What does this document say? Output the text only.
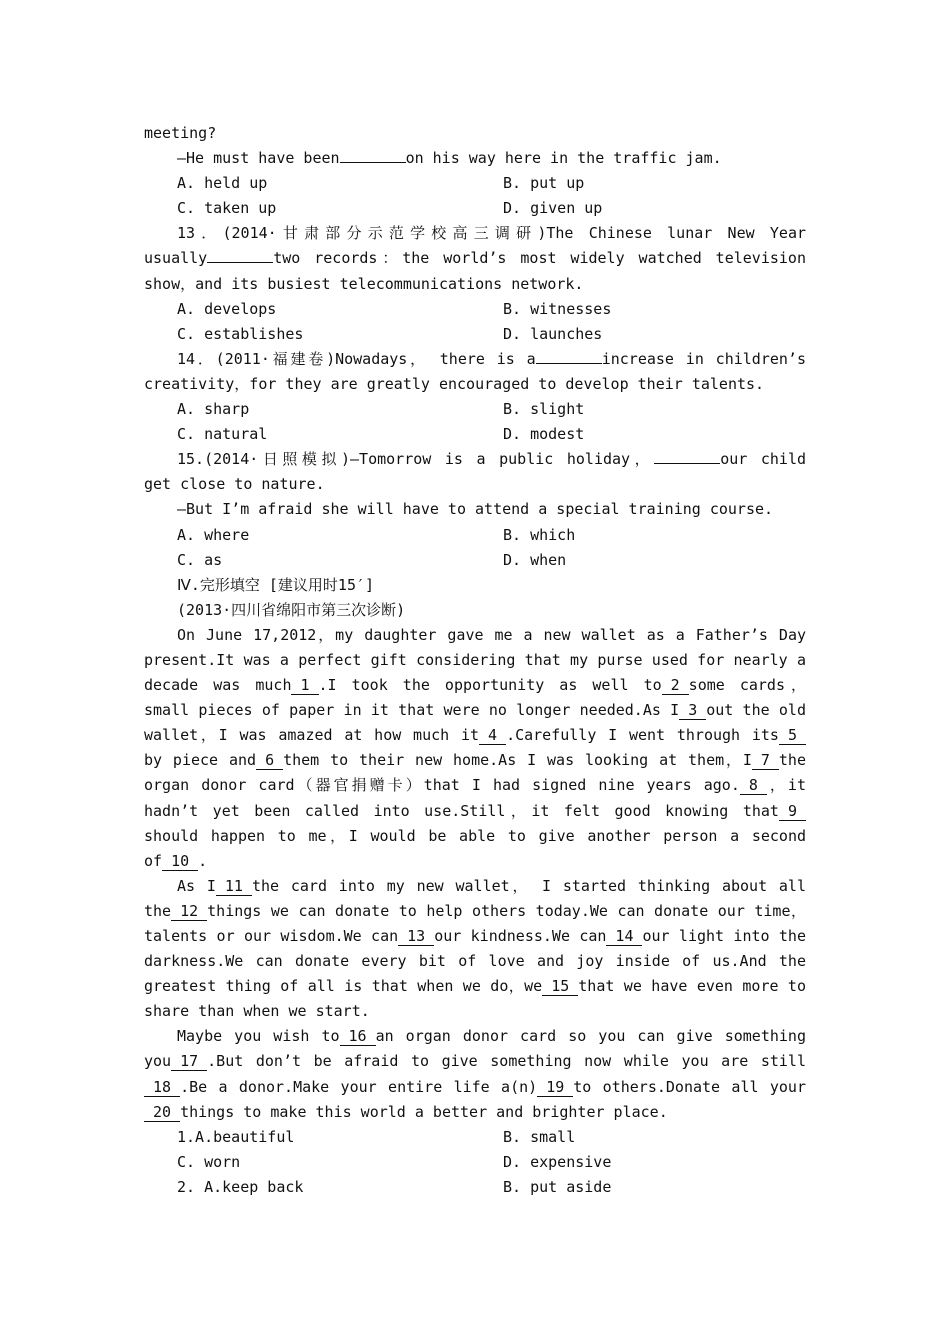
meeting?
—He must have been	on his way here in the traffic jam.
A. held up	B. put up
C. taken up	D. given up
13．(2014·甘肃部分示范学校高三调研)The Chinese lunar New Year
usually	two records：the world’s most widely watched television
show，and its busiest telecommunications network.
A. develops	B. witnesses
C. establishes	D. launches
14．(2011·福建卷)Nowadays， there is a	increase in children’s
creativity，for they are greatly encouraged to develop their talents.
A. sharp	B. slight
C. natural	D. modest
15.(2014·日照模拟)—Tomorrow is a public holiday，	our child
get close to nature.
—But I’m afraid she will have to attend a special training course.
A. where	B. which
C. as	D. when
Ⅳ.完形填空 [建议用时15′]
(2013·四川省绵阳市第三次诊断)
On June 17,2012，my daughter gave me a new wallet as a Father’s Day
present.It was a perfect gift considering that my purse used for nearly a
decade was much 1 .I took the opportunity as well to 2 some cards，
small pieces of paper in it that were no longer needed.As I 3 out the old
wallet，I was amazed at how much it 4 .Carefully I went through its 5
by piece and 6 them to their new home.As I was looking at them，I 7 the
organ donor card（器官捐赠卡）that I had signed nine years ago. 8 ，it
hadn’t yet been called into use.Still，it felt good knowing that 9
should happen to me，I would be able to give another person a second
of 10 .
As I 11 the card into my new wallet， I started thinking about all
the 12 things we can donate to help others today.We can donate our time，
talents or our wisdom.We can 13 our kindness.We can 14 our light into the
darkness.We can donate every bit of love and joy inside of us.And the
greatest thing of all is that when we do，we 15 that we have even more to
share than when we start.
Maybe you wish to 16 an organ donor card so you can give something
you 17 .But don’t be afraid to give something now while you are still
18 .Be a donor.Make your entire life a(n) 19 to others.Donate all your
20 things to make this world a better and brighter place.
1.A.beautiful	B. small
C. worn	D. expensive
2. A.keep back	B. put aside
